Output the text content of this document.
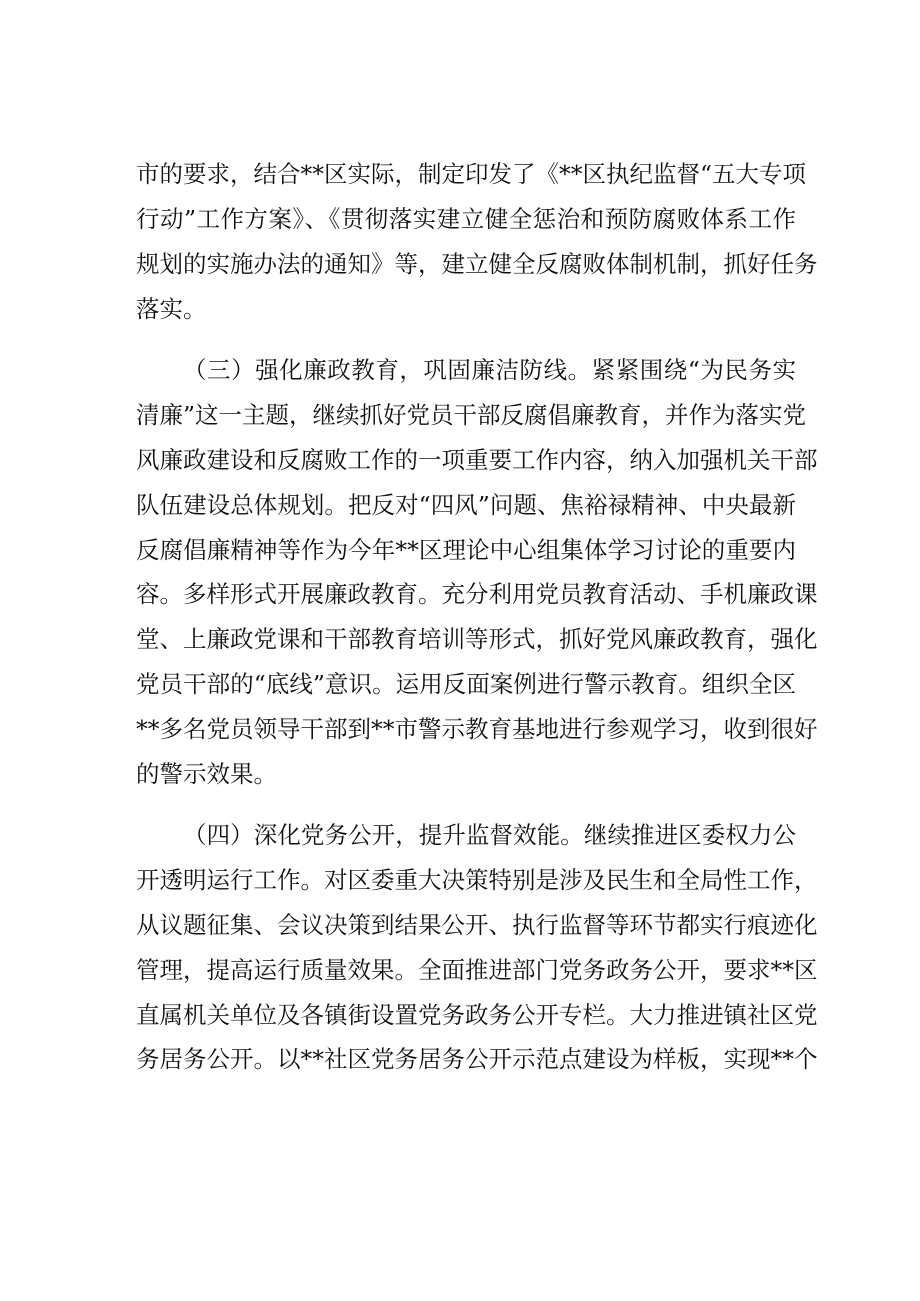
市的要求，结合**区实际，制定印发了《**区执纪监督“五大专项
行动”工作方案》、《贯彻落实建立健全惩治和预防腐败体系工作
规划的实施办法的通知》等，建立健全反腐败体制机制，抓好任务
落实。
（三）强化廉政教育，巩固廉洁防线。紧紧围绕“为民务实
清廉”这一主题，继续抓好党员干部反腐倡廉教育，并作为落实党
风廉政建设和反腐败工作的一项重要工作内容，纳入加强机关干部
队伍建设总体规划。把反对“四风”问题、焦裕禄精神、中央最新
反腐倡廉精神等作为今年**区理论中心组集体学习讨论的重要内
容。多样形式开展廉政教育。充分利用党员教育活动、手机廉政课
堂、上廉政党课和干部教育培训等形式，抓好党风廉政教育，强化
党员干部的“底线”意识。运用反面案例进行警示教育。组织全区
**多名党员领导干部到**市警示教育基地进行参观学习，收到很好
的警示效果。
（四）深化党务公开，提升监督效能。继续推进区委权力公
开透明运行工作。对区委重大决策特别是涉及民生和全局性工作，
从议题征集、会议决策到结果公开、执行监督等环节都实行痕迹化
管理，提高运行质量效果。全面推进部门党务政务公开，要求**区
直属机关单位及各镇街设置党务政务公开专栏。大力推进镇社区党
务居务公开。以**社区党务居务公开示范点建设为样板，实现**个
